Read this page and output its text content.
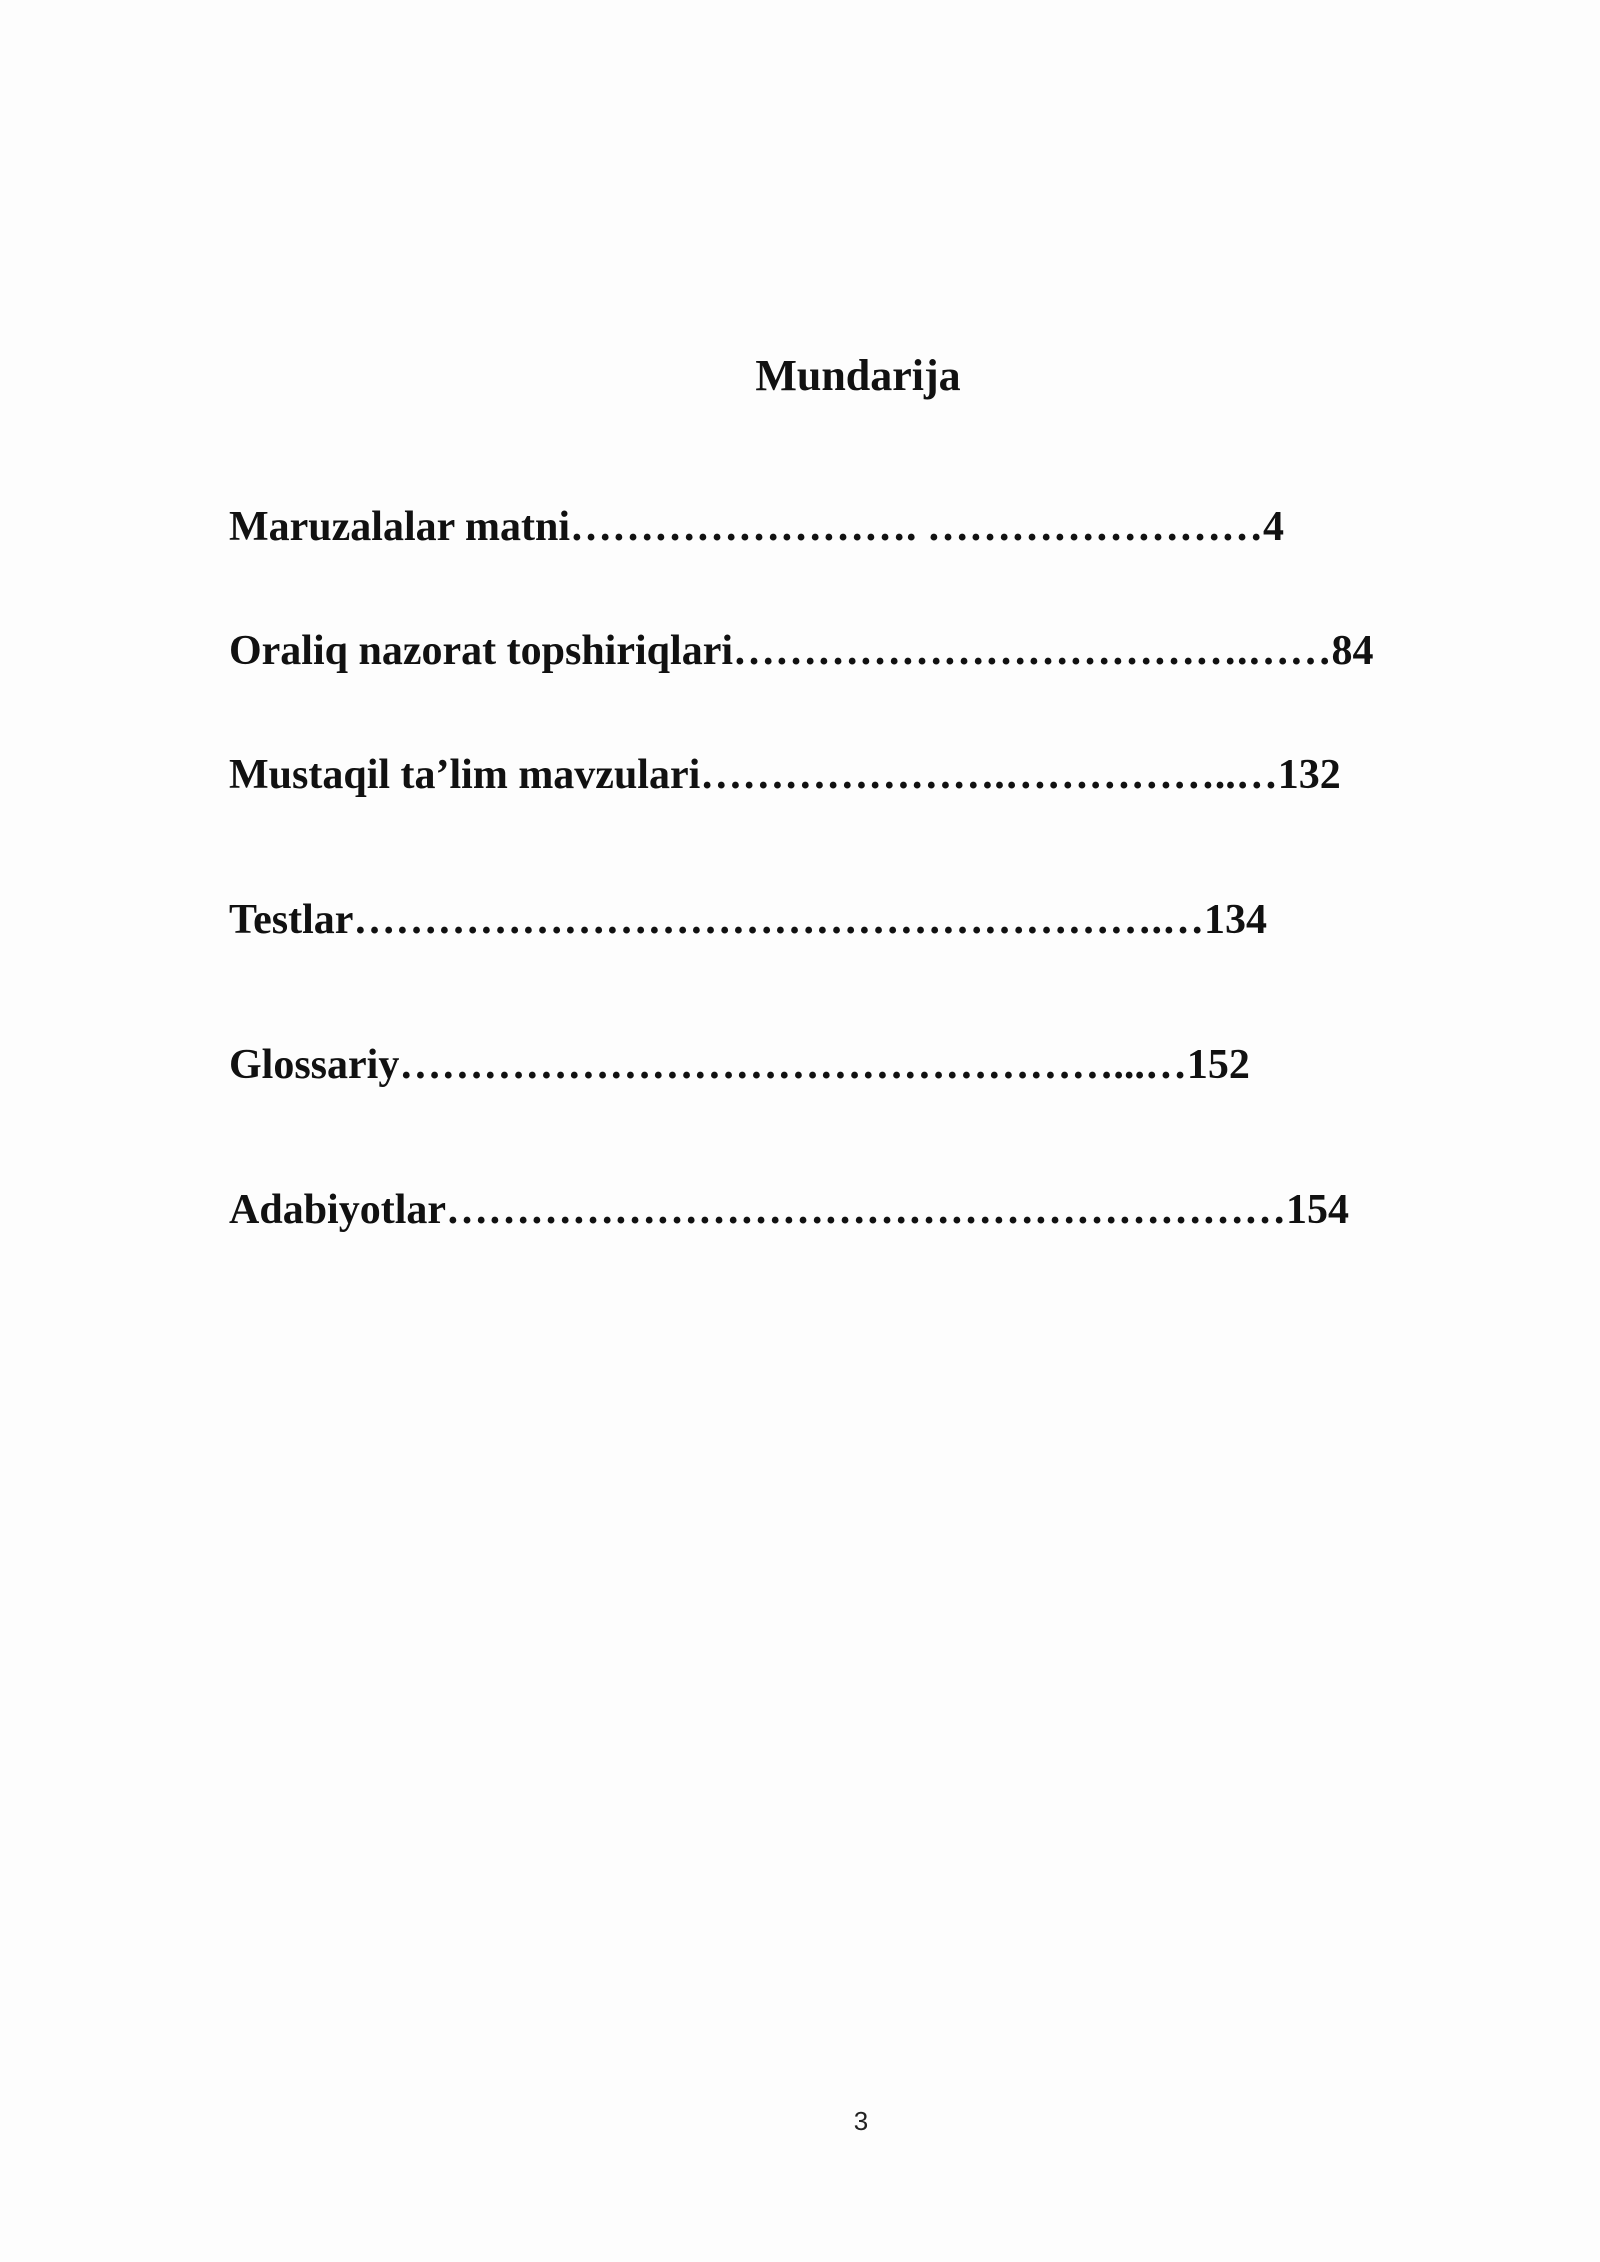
Mundarija
Maruzalalar matni……………………. ……………………4
Oraliq nazorat topshiriqlari……………………………….……84
Mustaqil ta’lim mavzulari………………….……………..…132
Testlar………………………………………………….…134
Glossariy……………………………………………...…152
Adabiyotlar……………………………………………………154
3
